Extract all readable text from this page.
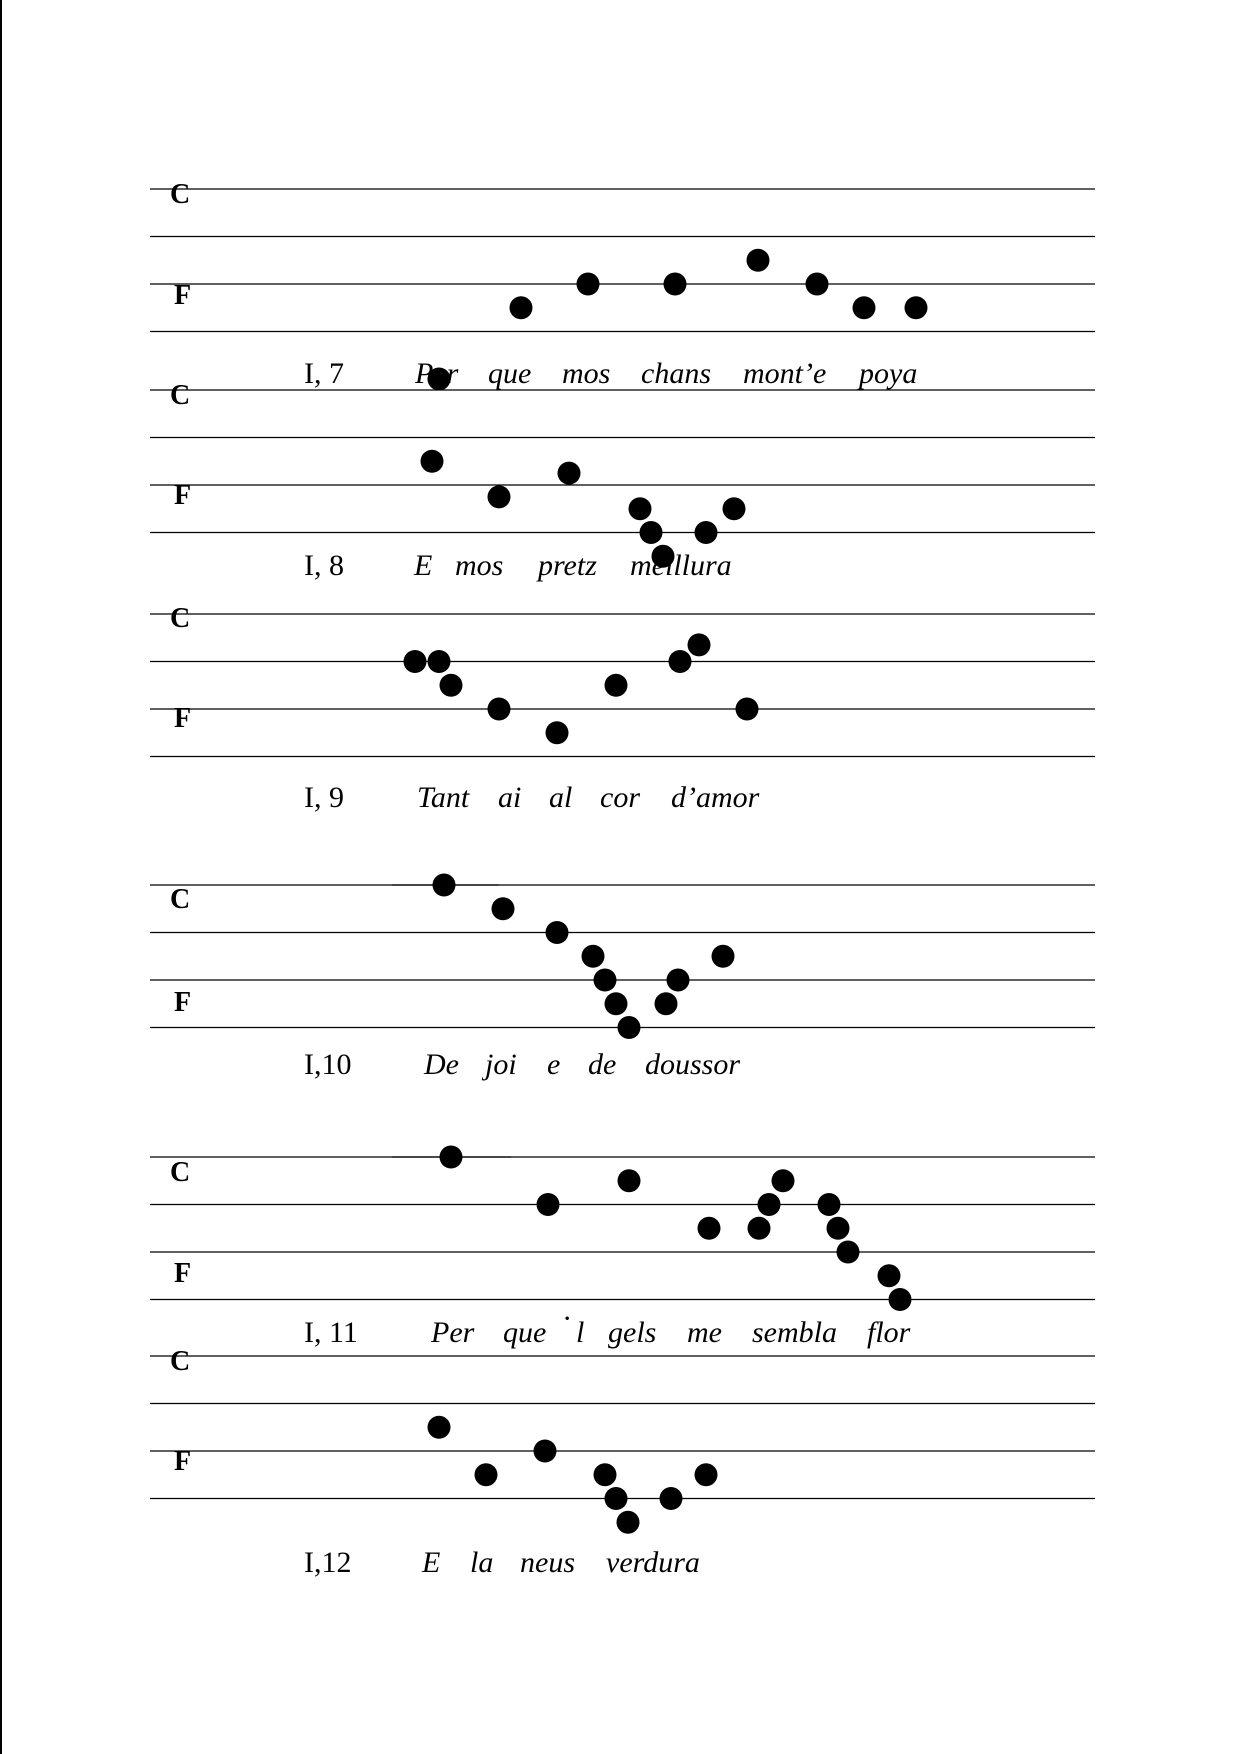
C
F
I, 7 Per que mos chans mont’e poya
C
F
I, 8 E mos pretz meillura
C
F
I, 9 Tant ai al cor d’amor
C
F
I,10 De joi e de doussor
C
F
I, 11 Per que · l gels me sembla flor
C
F
I,12 E la neus verdura
